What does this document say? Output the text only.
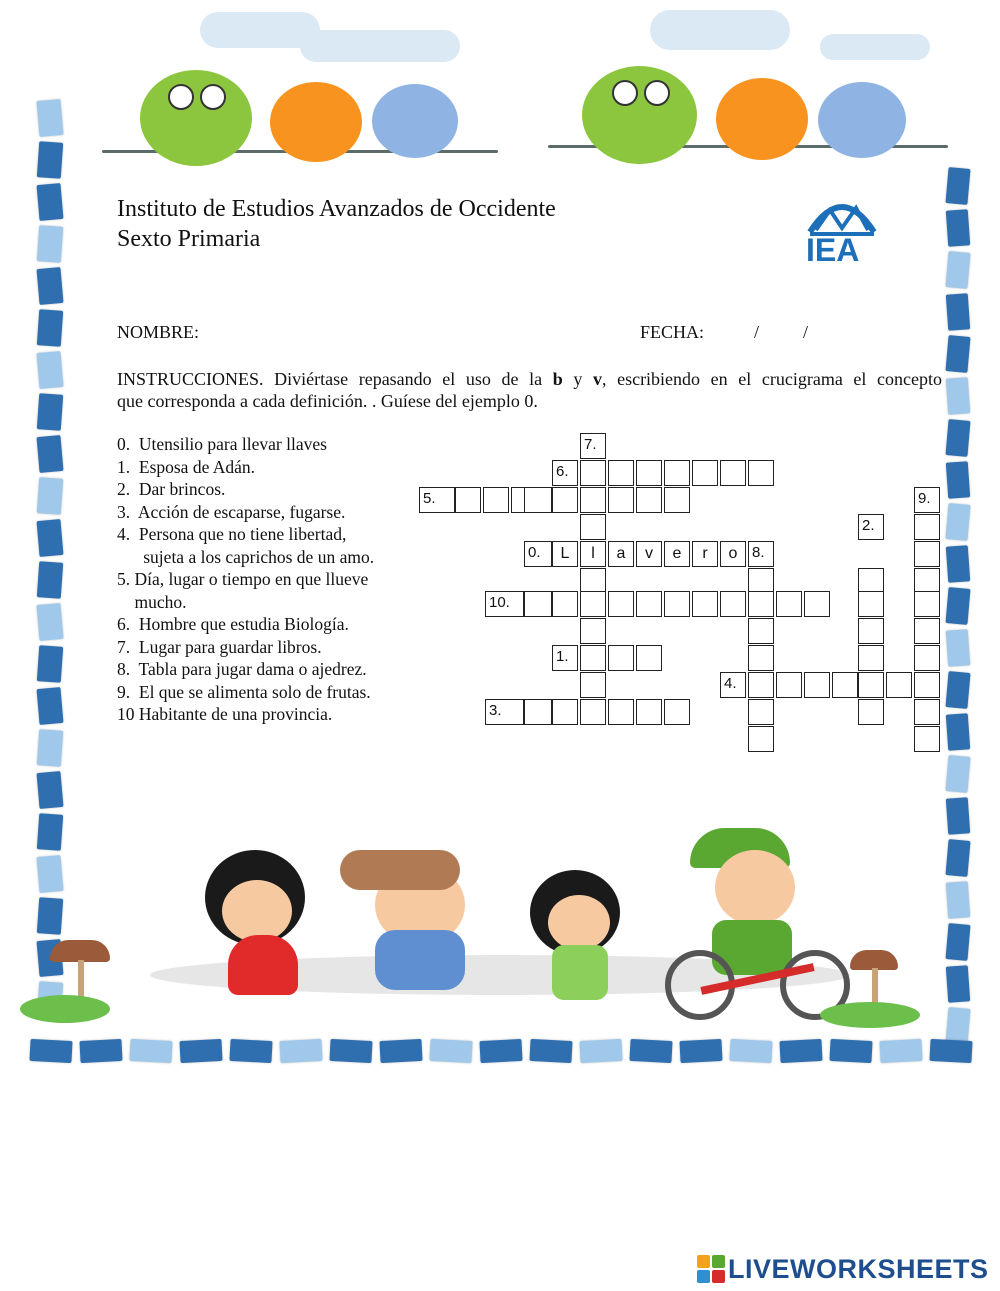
Instituto de Estudios Avanzados de Occidente
Sexto Primaria	IEA
NOMBRE:	FECHA:	/ /
INSTRUCCIONES. Diviértase repasando el uso de la b y v, escribiendo en el crucigrama el concepto
que corresponda a cada definición. . Guíese del ejemplo 0.
0.  Utensilio para llevar llaves
1.  Esposa de Adán.
2.  Dar brincos.
3.  Acción de escaparse, fugarse.
4.  Persona que no tiene libertad,
sujeta a los caprichos de un amo.
5. Día, lugar o tiempo en que llueve
mucho.
6.  Hombre que estudia Biología.
7.  Lugar para guardar libros.
8.  Tabla para jugar dama o ajedrez.
9.  El que se alimenta solo de frutas.
10 Habitante de una provincia.
7.
6.
5.	9.
2.
0.	L	l	a	v	e	r	o 8.
10.
1.
4.
3.
LIVEWORKSHEETS
